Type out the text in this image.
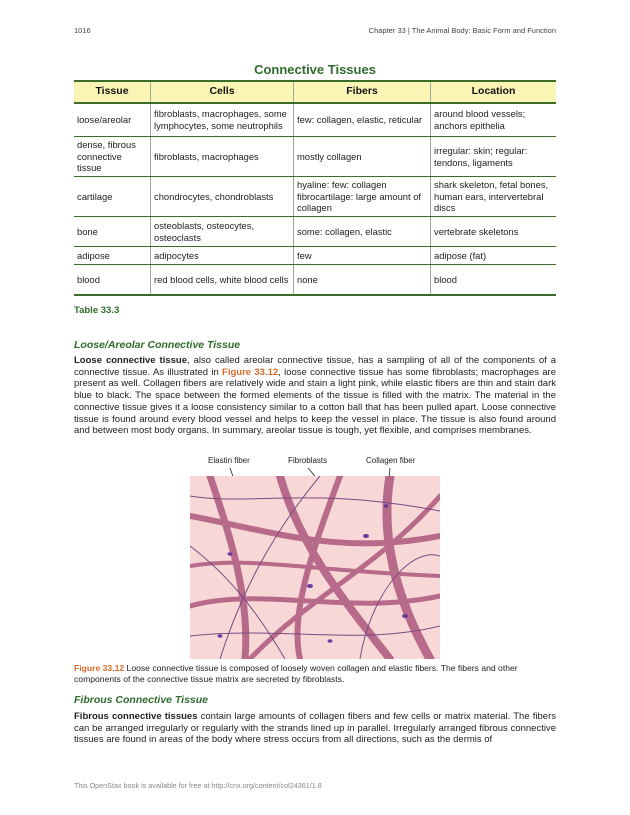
1016	Chapter 33 | The Animal Body: Basic Form and Function
Connective Tissues
Tissue	Cells	Fibers	Location
loose/areolar	fibroblasts, macrophages, some lymphocytes, some neutrophils	few: collagen, elastic, reticular	around blood vessels; anchors epithelia
dense, fibrous connective tissue	fibroblasts, macrophages	mostly collagen	irregular: skin; regular: tendons, ligaments
cartilage	chondrocytes, chondroblasts	hyaline: few: collagen fibrocartilage: large amount of collagen	shark skeleton, fetal bones, human ears, intervertebral discs
bone	osteoblasts, osteocytes, osteoclasts	some: collagen, elastic	vertebrate skeletons
adipose	adipocytes	few	adipose (fat)
blood	red blood cells, white blood cells	none	blood
Table 33.3
Loose/Areolar Connective Tissue

Loose connective tissue, also called areolar connective tissue, has a sampling of all of the components of a connective tissue. As illustrated in Figure 33.12, loose connective tissue has some fibroblasts; macrophages are present as well. Collagen fibers are relatively wide and stain a light pink, while elastic fibers are thin and stain dark blue to black. The space between the formed elements of the tissue is filled with the matrix. The material in the connective tissue gives it a loose consistency similar to a cotton ball that has been pulled apart. Loose connective tissue is found around every blood vessel and helps to keep the vessel in place. The tissue is also found around and between most body organs. In summary, areolar tissue is tough, yet flexible, and comprises membranes.

Elastin fiber	Fibroblasts	Collagen fiber

Figure 33.12 Loose connective tissue is composed of loosely woven collagen and elastic fibers. The fibers and other components of the connective tissue matrix are secreted by fibroblasts.

Fibrous Connective Tissue

Fibrous connective tissues contain large amounts of collagen fibers and few cells or matrix material. The fibers can be arranged irregularly or regularly with the strands lined up in parallel. Irregularly arranged fibrous connective tissues are found in areas of the body where stress occurs from all directions, such as the dermis of

This OpenStax book is available for free at http://cnx.org/content/col24361/1.8
